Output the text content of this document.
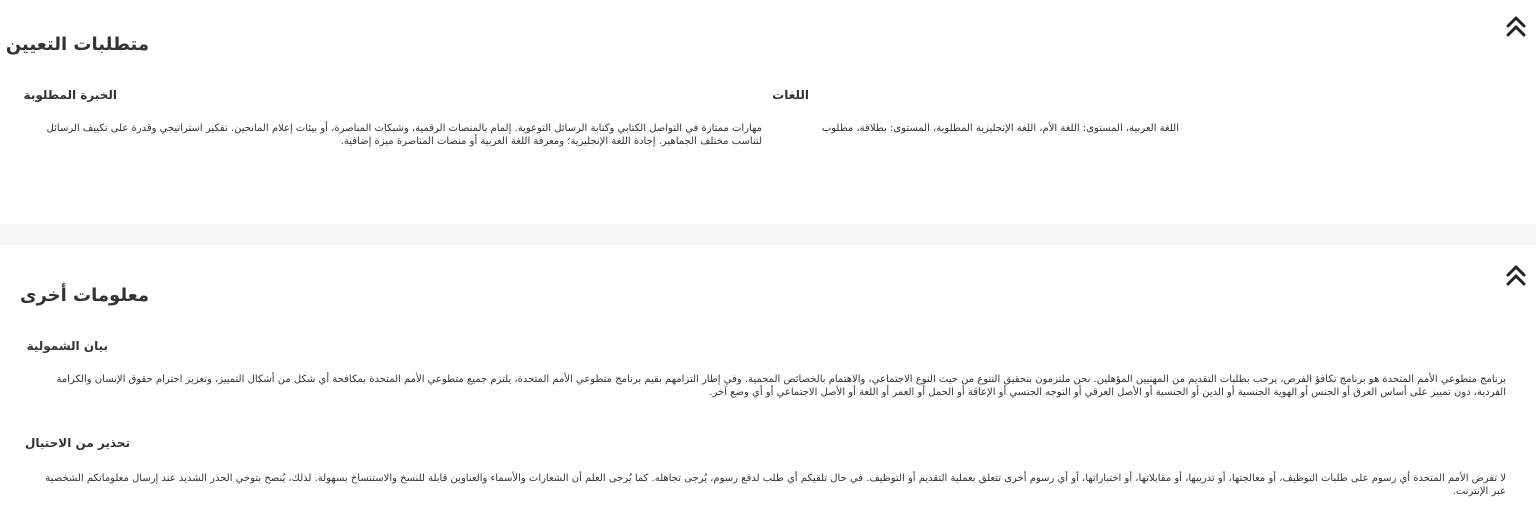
متطلبات التعيين
اللغات
اللغة العربية، المستوى: اللغة الأم، اللغة الإنجليزية المطلوبة، المستوى: بطلاقة، مطلوب
الخبرة المطلوبة
مهارات ممتازة في التواصل الكتابي وكتابة الرسائل التوعوية. إلمام بالمنصات الرقمية، وشبكات المناصرة، أو بيئات إعلام المانحين. تفكير استراتيجي وقدرة على تكييف الرسائل لتناسب مختلف الجماهير. إجادة اللغة الإنجليزية؛ ومعرفة اللغة العربية أو منصات المناصرة ميزة إضافية.
معلومات أخرى
بيان الشمولية
برنامج متطوعي الأمم المتحدة هو برنامج تكافؤ الفرص، يرحب بطلبات التقديم من المهنيين المؤهلين. نحن ملتزمون بتحقيق التنوع من حيث النوع الاجتماعي، والاهتمام بالخصائص المحمية. وفي إطار التزامهم بقيم برنامج متطوعي الأمم المتحدة، يلتزم جميع متطوعي الأمم المتحدة بمكافحة أي شكل من أشكال التمييز، وتعزيز احترام حقوق الإنسان والكرامة الفردية، دون تمييز على أساس العرق أو الجنس أو الهوية الجنسية أو الدين أو الجنسية أو الأصل العرقي أو التوجه الجنسي أو الإعاقة أو الحمل أو العمر أو اللغة أو الأصل الاجتماعي أو أي وضع آخر.
تحذير من الاحتيال
لا تفرض الأمم المتحدة أي رسوم على طلبات التوظيف، أو معالجتها، أو تدريبها، أو مقابلاتها، أو اختباراتها، أو أي رسوم أخرى تتعلق بعملية التقديم أو التوظيف. في حال تلقيكم أي طلب لدفع رسوم، يُرجى تجاهله. كما يُرجى العلم أن الشعارات والأسماء والعناوين قابلة للنسخ والاستنساخ بسهولة. لذلك، يُنصح بتوخي الحذر الشديد عند إرسال معلوماتكم الشخصية عبر الإنترنت.
